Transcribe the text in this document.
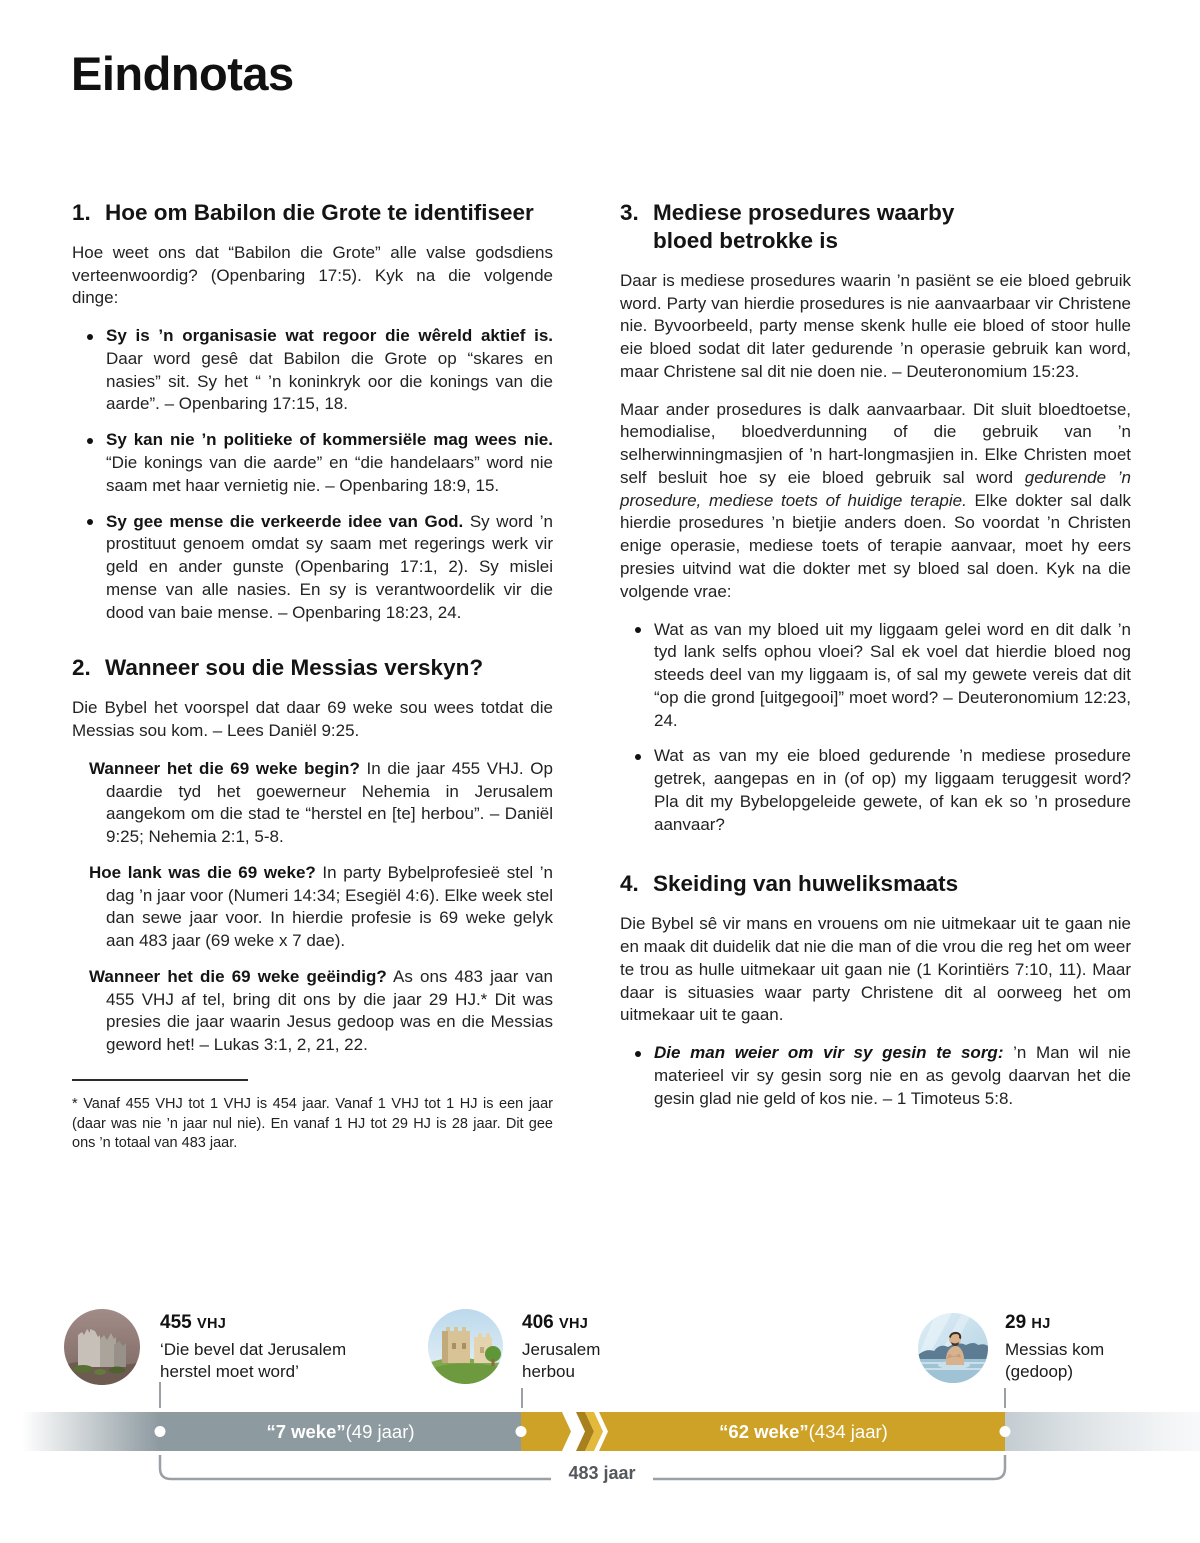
Eindnotas
1. Hoe om Babilon die Grote te identifiseer

Hoe weet ons dat “Babilon die Grote” alle valse godsdiens verteenwoordig? (Openbaring 17:5). Kyk na die volgende dinge:

Sy is ’n organisasie wat regoor die wêreld aktief is. Daar word gesê dat Babilon die Grote op “skares en nasies” sit. Sy het “ ’n koninkryk oor die konings van die aarde”. – Openbaring 17:15, 18.
Sy kan nie ’n politieke of kommersiële mag wees nie. “Die konings van die aarde” en “die handelaars” word nie saam met haar vernietig nie. – Openbaring 18:9, 15.
Sy gee mense die verkeerde idee van God. Sy word ’n prostituut genoem omdat sy saam met regerings werk vir geld en ander gunste (Openbaring 17:1, 2). Sy mislei mense van alle nasies. En sy is verantwoordelik vir die dood van baie mense. – Openbaring 18:23, 24.
2. Wanneer sou die Messias verskyn?

Die Bybel het voorspel dat daar 69 weke sou wees totdat die Messias sou kom. – Lees Daniël 9:25.

Wanneer het die 69 weke begin? In die jaar 455 VHJ. Op daardie tyd het goewerneur Nehemia in Jerusalem aangekom om die stad te “herstel en [te] herbou”. – Daniël 9:25; Nehemia 2:1, 5-8.

Hoe lank was die 69 weke? In party Bybelprofesieë stel ’n dag ’n jaar voor (Numeri 14:34; Esegiël 4:6). Elke week stel dan sewe jaar voor. In hierdie profesie is 69 weke gelyk aan 483 jaar (69 weke x 7 dae).

Wanneer het die 69 weke geëindig? As ons 483 jaar van 455 VHJ af tel, bring dit ons by die jaar 29 HJ.* Dit was presies die jaar waarin Jesus gedoop was en die Messias geword het! – Lukas 3:1, 2, 21, 22.

* Vanaf 455 VHJ tot 1 VHJ is 454 jaar. Vanaf 1 VHJ tot 1 HJ is een jaar (daar was nie ’n jaar nul nie). En vanaf 1 HJ tot 29 HJ is 28 jaar. Dit gee ons ’n totaal van 483 jaar.

3. Mediese prosedures waarby
bloed betrokke is

Daar is mediese prosedures waarin ’n pasiënt se eie bloed gebruik word. Party van hierdie prosedures is nie aanvaarbaar vir Christene nie. Byvoorbeeld, party mense skenk hulle eie bloed of stoor hulle eie bloed sodat dit later gedurende ’n operasie gebruik kan word, maar Christene sal dit nie doen nie. – Deuteronomium 15:23.

Maar ander prosedures is dalk aanvaarbaar. Dit sluit bloedtoetse, hemodialise, bloedverdunning of die gebruik van ’n selherwinningmasjien of ’n hart-longmasjien in. Elke Christen moet self besluit hoe sy eie bloed gebruik sal word gedurende ’n prosedure, mediese toets of huidige terapie. Elke dokter sal dalk hierdie prosedures ’n bietjie anders doen. So voordat ’n Christen enige operasie, mediese toets of terapie aanvaar, moet hy eers presies uitvind wat die dokter met sy bloed sal doen. Kyk na die volgende vrae:

Wat as van my bloed uit my liggaam gelei word en dit dalk ’n tyd lank selfs ophou vloei? Sal ek voel dat hierdie bloed nog steeds deel van my liggaam is, of sal my gewete vereis dat dit “op die grond [uitgegooi]” moet word? – Deuteronomium 12:23, 24.
Wat as van my eie bloed gedurende ’n mediese prosedure getrek, aangepas en in (of op) my liggaam teruggesit word? Pla dit my Bybelopgeleide gewete, of kan ek so ’n prosedure aanvaar?
4. Skeiding van huweliksmaats

Die Bybel sê vir mans en vrouens om nie uitmekaar uit te gaan nie en maak dit duidelik dat nie die man of die vrou die reg het om weer te trou as hulle uitmekaar uit gaan nie (1 Korintiërs 7:10, 11). Maar daar is situasies waar party Christene dit al oorweeg het om uitmekaar uit te gaan.

Die man weier om vir sy gesin te sorg: ’n Man wil nie materieel vir sy gesin sorg nie en as gevolg daarvan het die gesin glad nie geld of kos nie. – 1 Timoteus 5:8.
455 VHJ
‘Die bevel dat Jerusalem
herstel moet word’
406 VHJ
Jerusalem
herbou
29 HJ
Messias kom
(gedoop)
“7 weke” (49 jaar)	“62 weke” (434 jaar)
483 jaar
